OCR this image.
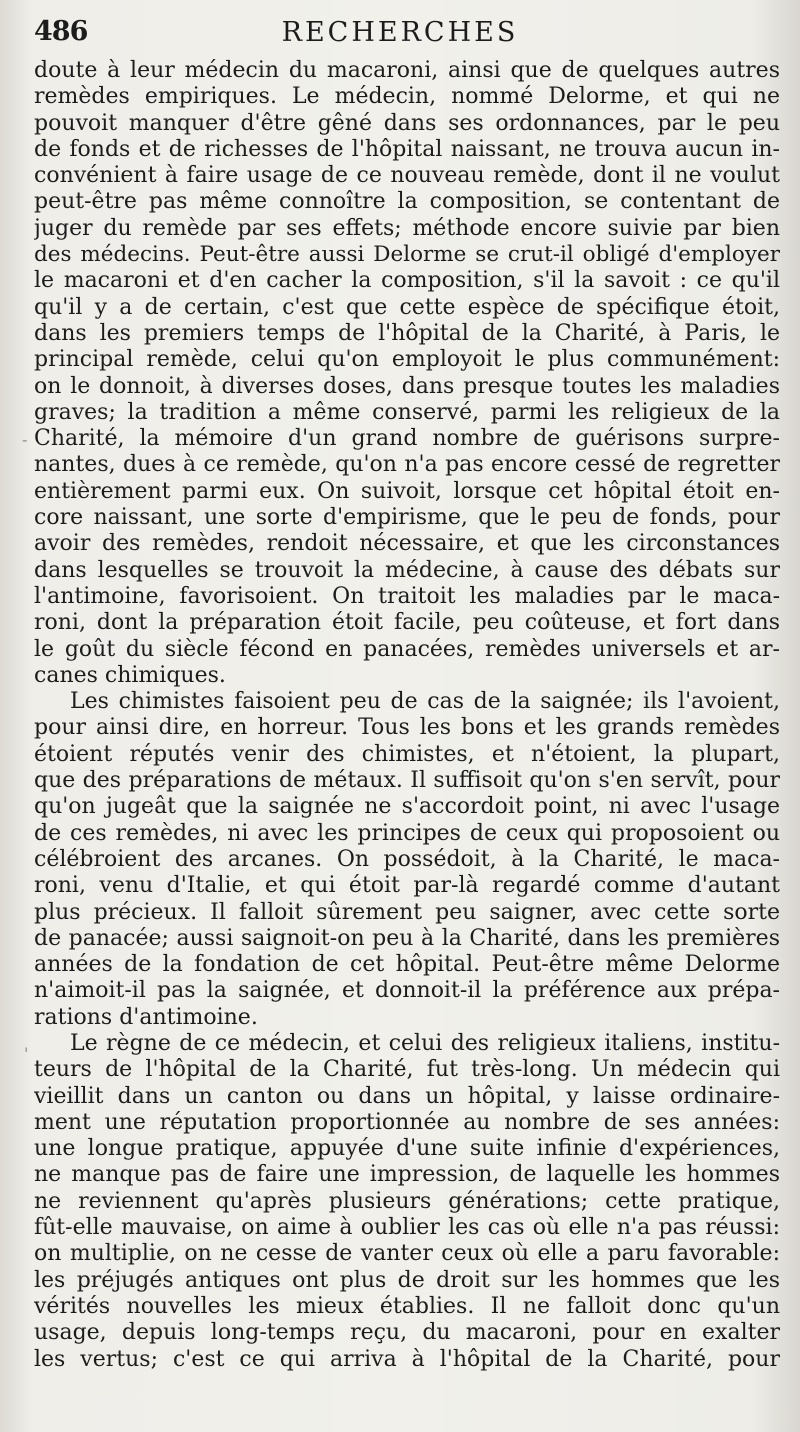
486	RECHERCHES
doute à leur médecin du macaroni, ainsi que de quelques autres
remèdes empiriques. Le médecin, nommé Delorme, et qui ne
pouvoit manquer d'être gêné dans ses ordonnances, par le peu
de fonds et de richesses de l'hôpital naissant, ne trouva aucun in-
convénient à faire usage de ce nouveau remède, dont il ne voulut
peut-être pas même connoître la composition, se contentant de
juger du remède par ses effets; méthode encore suivie par bien
des médecins. Peut-être aussi Delorme se crut-il obligé d'employer
le macaroni et d'en cacher la composition, s'il la savoit : ce qu'il
qu'il y a de certain, c'est que cette espèce de spécifique étoit,
dans les premiers temps de l'hôpital de la Charité, à Paris, le
principal remède, celui qu'on employoit le plus communément:
on le donnoit, à diverses doses, dans presque toutes les maladies
graves; la tradition a même conservé, parmi les religieux de la
Charité, la mémoire d'un grand nombre de guérisons surpre-
nantes, dues à ce remède, qu'on n'a pas encore cessé de regretter
entièrement parmi eux. On suivoit, lorsque cet hôpital étoit en-
core naissant, une sorte d'empirisme, que le peu de fonds, pour
avoir des remèdes, rendoit nécessaire, et que les circonstances
dans lesquelles se trouvoit la médecine, à cause des débats sur
l'antimoine, favorisoient. On traitoit les maladies par le maca-
roni, dont la préparation étoit facile, peu coûteuse, et fort dans
le goût du siècle fécond en panacées, remèdes universels et ar-
canes chimiques.
Les chimistes faisoient peu de cas de la saignée; ils l'avoient,
pour ainsi dire, en horreur. Tous les bons et les grands remèdes
étoient réputés venir des chimistes, et n'étoient, la plupart,
que des préparations de métaux. Il suffisoit qu'on s'en servît, pour
qu'on jugeât que la saignée ne s'accordoit point, ni avec l'usage
de ces remèdes, ni avec les principes de ceux qui proposoient ou
célébroient des arcanes. On possédoit, à la Charité, le maca-
roni, venu d'Italie, et qui étoit par-là regardé comme d'autant
plus précieux. Il falloit sûrement peu saigner, avec cette sorte
de panacée; aussi saignoit-on peu à la Charité, dans les premières
années de la fondation de cet hôpital. Peut-être même Delorme
n'aimoit-il pas la saignée, et donnoit-il la préférence aux prépa-
rations d'antimoine.
Le règne de ce médecin, et celui des religieux italiens, institu-
teurs de l'hôpital de la Charité, fut très-long. Un médecin qui
vieillit dans un canton ou dans un hôpital, y laisse ordinaire-
ment une réputation proportionnée au nombre de ses années:
une longue pratique, appuyée d'une suite infinie d'expériences,
ne manque pas de faire une impression, de laquelle les hommes
ne reviennent qu'après plusieurs générations; cette pratique,
fût-elle mauvaise, on aime à oublier les cas où elle n'a pas réussi:
on multiplie, on ne cesse de vanter ceux où elle a paru favorable:
les préjugés antiques ont plus de droit sur les hommes que les
vérités nouvelles les mieux établies. Il ne falloit donc qu'un
usage, depuis long-temps reçu, du macaroni, pour en exalter
les vertus; c'est ce qui arriva à l'hôpital de la Charité, pour
-
'
